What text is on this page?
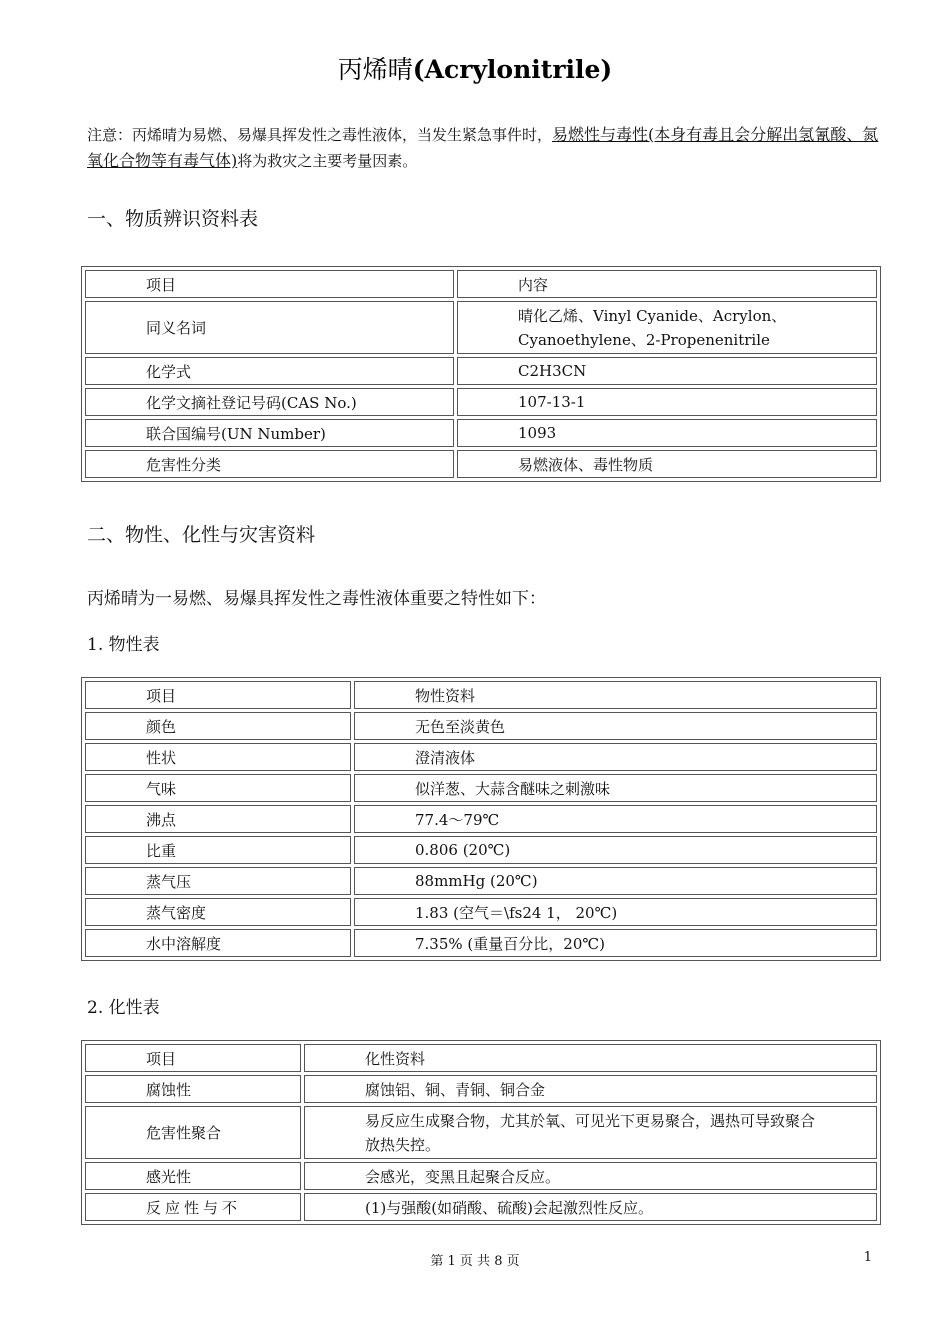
丙烯晴(Acrylonitrile)
注意：丙烯晴为易燃、易爆具挥发性之毒性液体，当发生紧急事件时，易燃性与毒性(本身有毒且会分解出氢氰酸、氮氧化合物等有毒气体)将为救灾之主要考量因素。
一、物质辨识资料表
项目	内容
同义名词	晴化乙烯、Vinyl Cyanide、Acrylon、Cyanoethylene、2-Propenenitrile
化学式	C2H3CN
化学文摘社登记号码(CAS No.)	107-13-1
联合国编号(UN Number)	1093
危害性分类	易燃液体、毒性物质
二、物性、化性与灾害资料
丙烯晴为一易燃、易爆具挥发性之毒性液体重要之特性如下：
1. 物性表
项目	物性资料
颜色	无色至淡黄色
性状	澄清液体
气味	似洋葱、大蒜含醚味之刺激味
沸点	77.4～79℃
比重	0.806 (20℃)
蒸气压	88mmHg (20℃)
蒸气密度	1.83 (空气＝\fs24 1， 20℃)
水中溶解度	7.35% (重量百分比，20℃)
2. 化性表
项目	化性资料
腐蚀性	腐蚀铝、铜、青铜、铜合金
危害性聚合	易反应生成聚合物，尤其於氧、可见光下更易聚合，遇热可导致聚合放热失控。
感光性	会感光，变黑且起聚合反应。
反应性与不	(1)与强酸(如硝酸、硫酸)会起激烈性反应。
第 1 页 共 8 页	1
